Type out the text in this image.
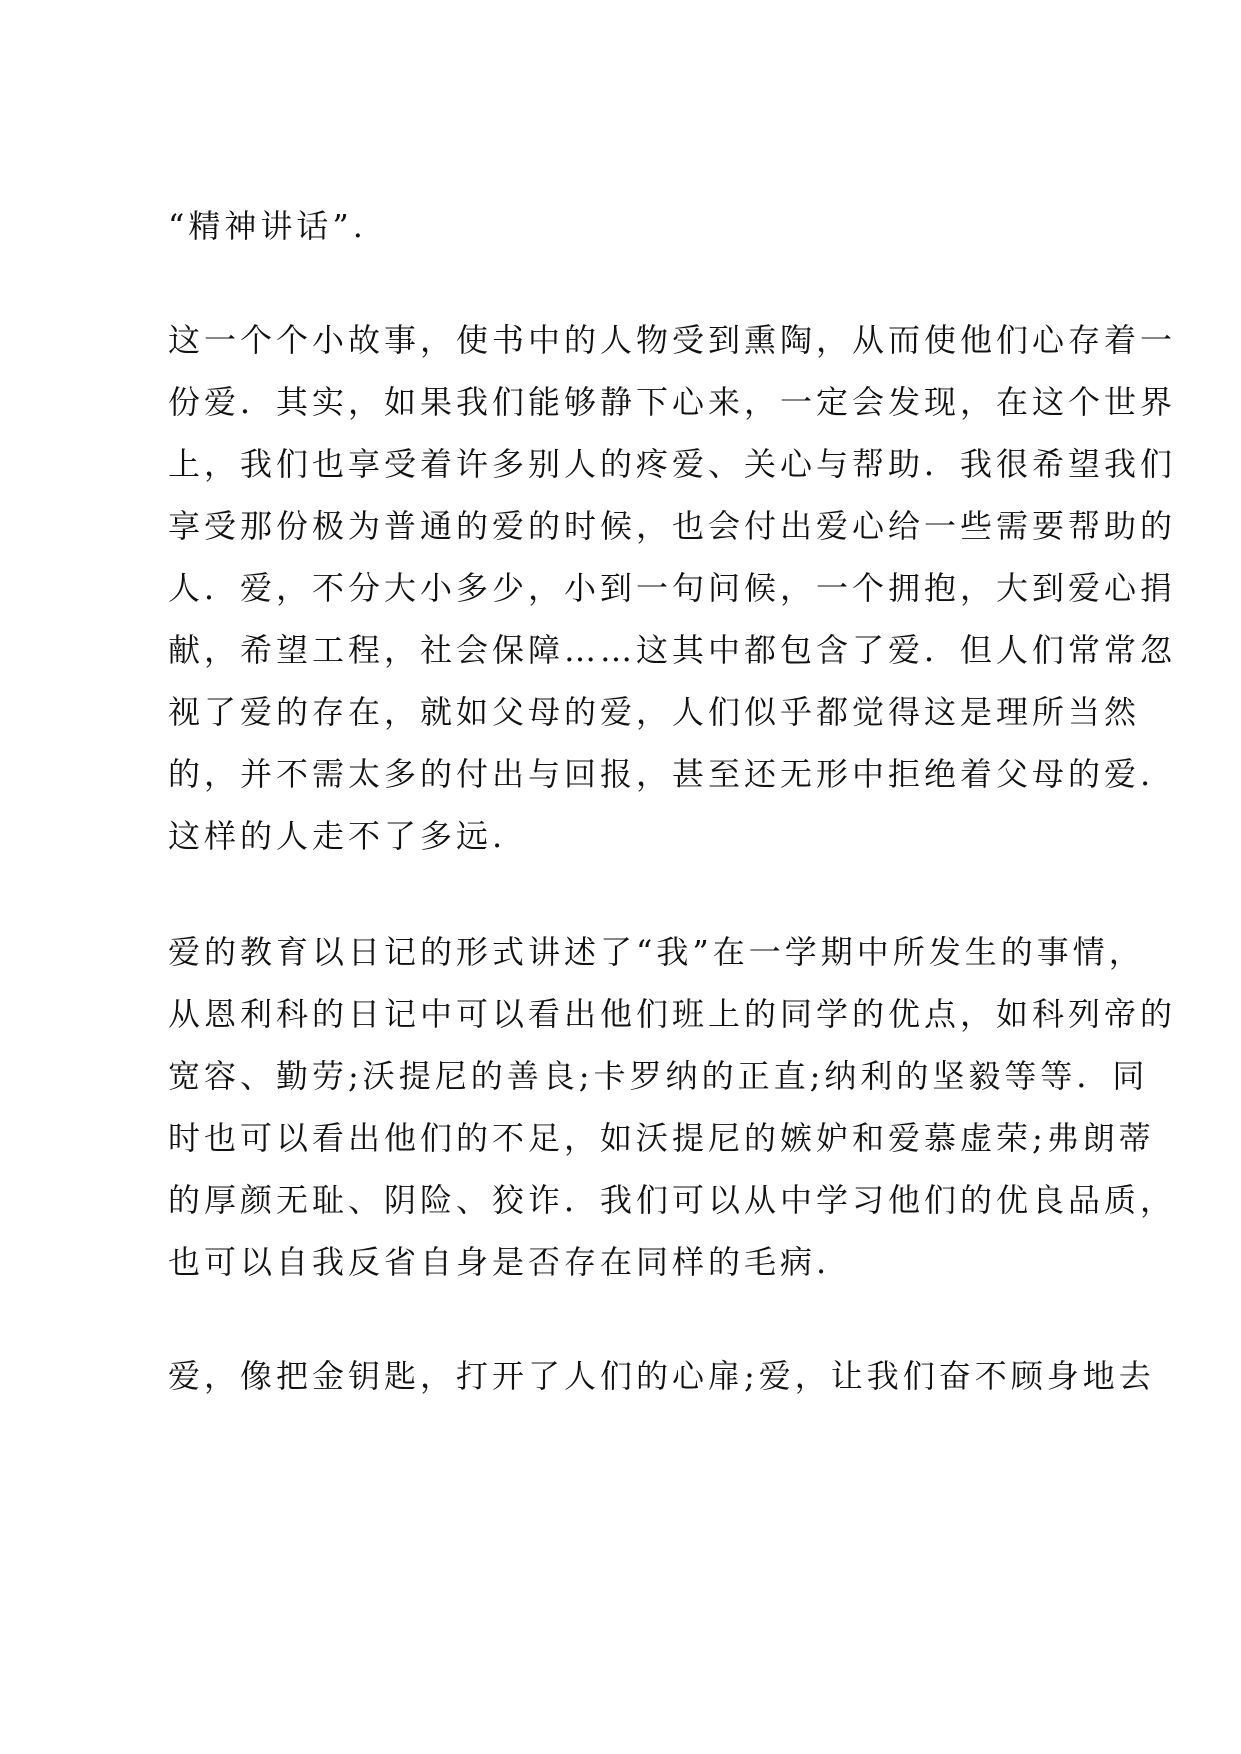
“精神讲话”.
这一个个小故事，使书中的人物受到熏陶，从而使他们心存着一
份爱．其实，如果我们能够静下心来，一定会发现，在这个世界
上，我们也享受着许多别人的疼爱、关心与帮助．我很希望我们
享受那份极为普通的爱的时候，也会付出爱心给一些需要帮助的
人．爱，不分大小多少，小到一句问候，一个拥抱，大到爱心捐
献，希望工程，社会保障……这其中都包含了爱．但人们常常忽
视了爱的存在，就如父母的爱，人们似乎都觉得这是理所当然
的，并不需太多的付出与回报，甚至还无形中拒绝着父母的爱.
这样的人走不了多远.
爱的教育以日记的形式讲述了“我”在一学期中所发生的事情，
从恩利科的日记中可以看出他们班上的同学的优点，如科列帝的
宽容、勤劳;沃提尼的善良;卡罗纳的正直;纳利的坚毅等等．同
时也可以看出他们的不足，如沃提尼的嫉妒和爱慕虚荣;弗朗蒂
的厚颜无耻、阴险、狡诈．我们可以从中学习他们的优良品质，
也可以自我反省自身是否存在同样的毛病.
爱，像把金钥匙，打开了人们的心扉;爱，让我们奋不顾身地去
